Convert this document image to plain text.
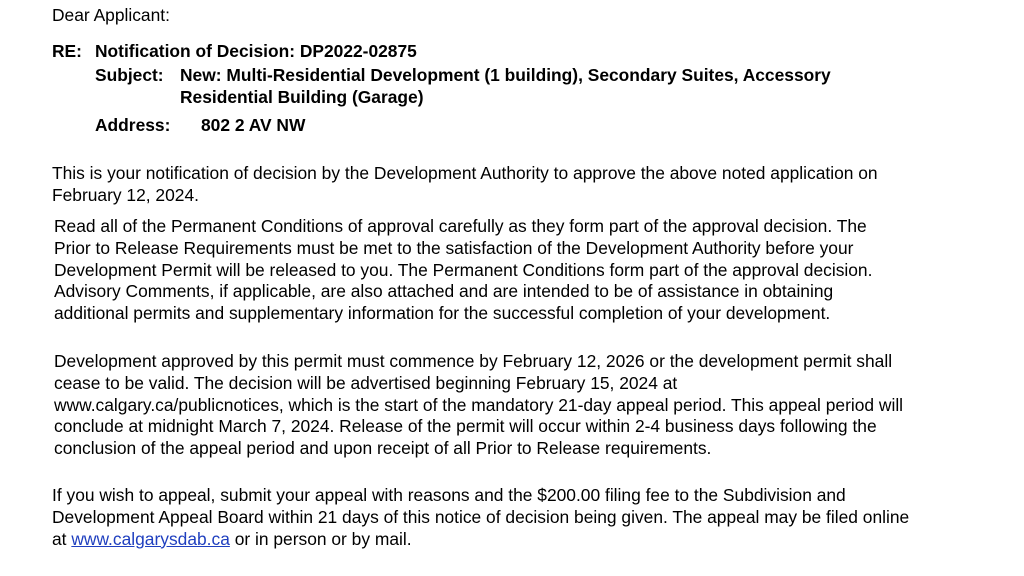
Dear Applicant:
RE: Notification of Decision: DP2022-02875
Subject: New: Multi-Residential Development (1 building), Secondary Suites, Accessory
Residential Building (Garage)
Address: 802 2 AV NW
This is your notification of decision by the Development Authority to approve the above noted application on
February 12, 2024.
Read all of the Permanent Conditions of approval carefully as they form part of the approval decision. The
Prior to Release Requirements must be met to the satisfaction of the Development Authority before your
Development Permit will be released to you. The Permanent Conditions form part of the approval decision.
Advisory Comments, if applicable, are also attached and are intended to be of assistance in obtaining
additional permits and supplementary information for the successful completion of your development.
Development approved by this permit must commence by February 12, 2026 or the development permit shall
cease to be valid. The decision will be advertised beginning February 15, 2024 at
www.calgary.ca/publicnotices, which is the start of the mandatory 21-day appeal period. This appeal period will
conclude at midnight March 7, 2024. Release of the permit will occur within 2-4 business days following the
conclusion of the appeal period and upon receipt of all Prior to Release requirements.
If you wish to appeal, submit your appeal with reasons and the $200.00 filing fee to the Subdivision and
Development Appeal Board within 21 days of this notice of decision being given. The appeal may be filed online
at www.calgarysdab.ca or in person or by mail.
